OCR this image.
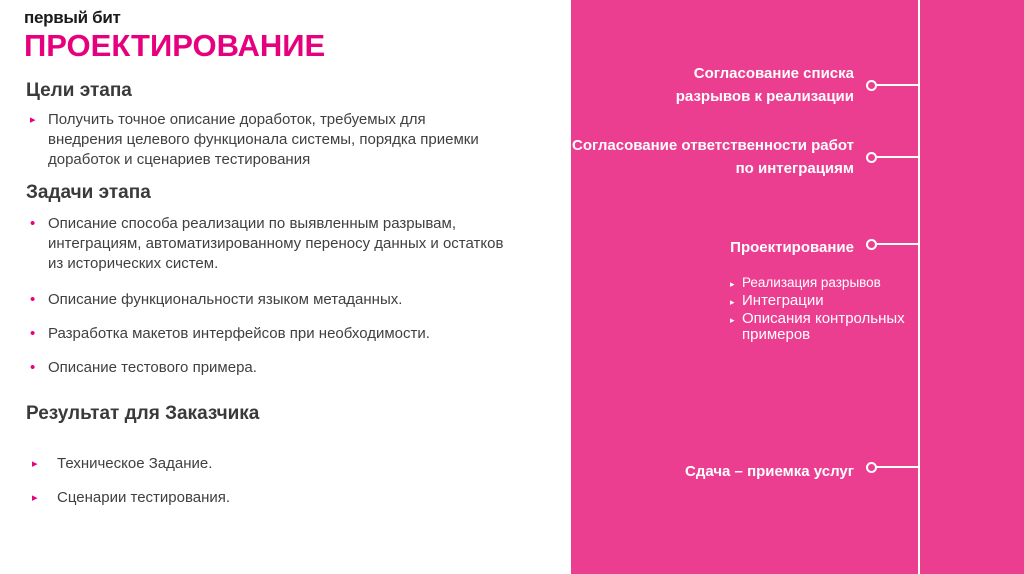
первый бит
ПРОЕКТИРОВАНИЕ
Цели этапа
▸ Получить точное описание доработок, требуемых для внедрения целевого функционала системы, порядка приемки доработок и сценариев тестирования
Задачи этапа
• Описание способа реализации по выявленным разрывам, интеграциям, автоматизированному переносу данных и остатков из исторических систем.
• Описание функциональности языком метаданных.
• Разработка макетов интерфейсов при необходимости.
• Описание тестового примера.
Результат для Заказчика
▸ Техническое Задание.
▸ Сценарии тестирования.
Согласование списка разрывов к реализации
Согласование ответственности работ по интеграциям
Проектирование
▸ Реализация разрывов
▸ Интеграции
▸ Описания контрольных примеров
Сдача – приемка услуг
